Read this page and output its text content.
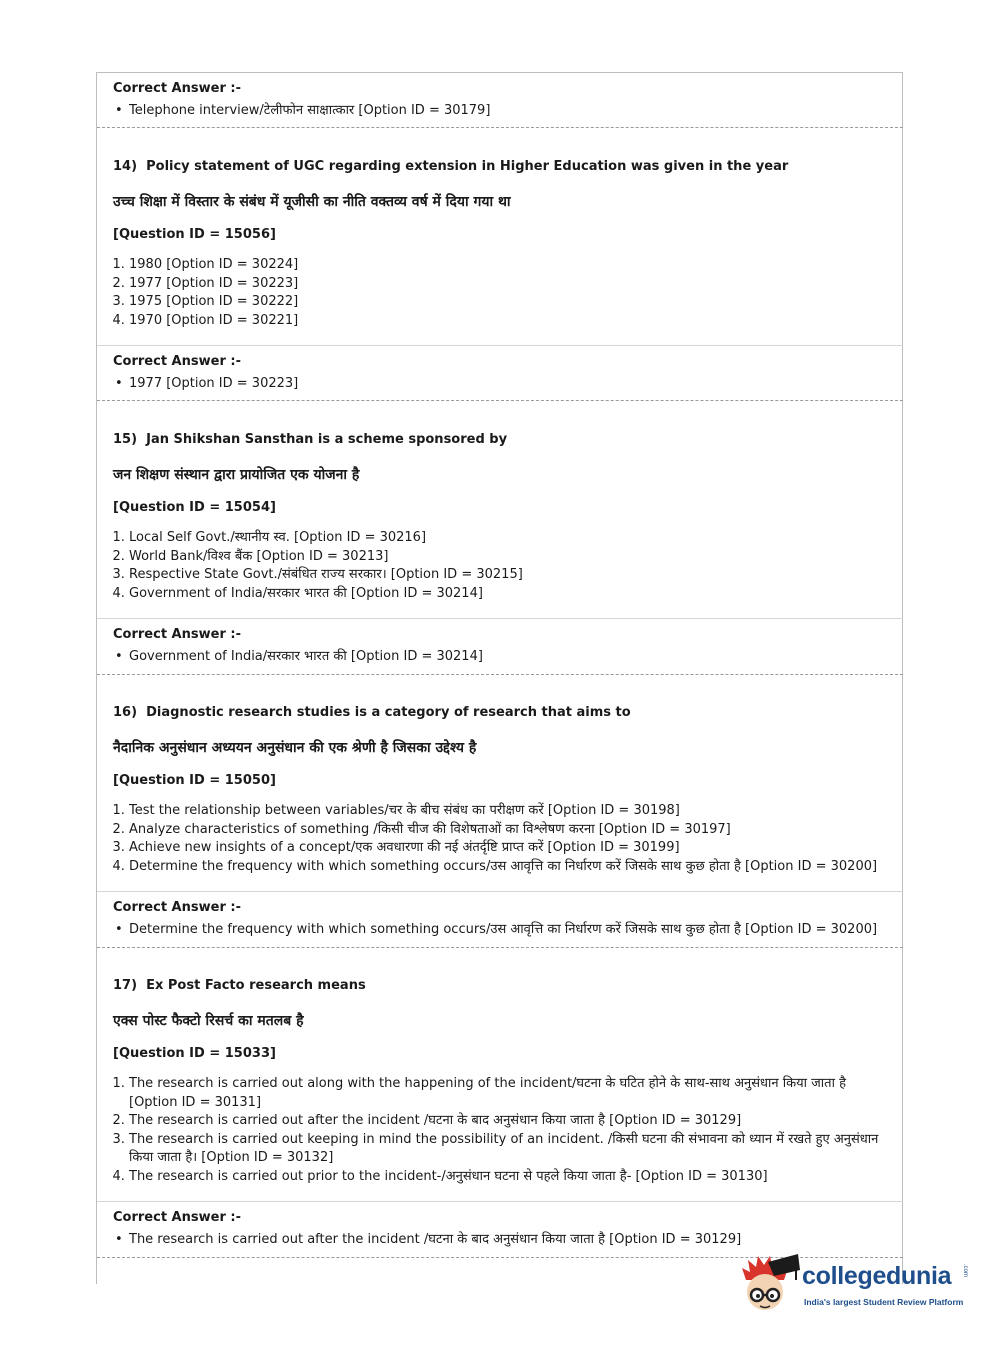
Correct Answer :-
• Telephone interview/टेलीफोन साक्षात्कार [Option ID = 30179]
14) Policy statement of UGC regarding extension in Higher Education was given in the year
उच्च शिक्षा में विस्तार के संबंध में यूजीसी का नीति वक्तव्य वर्ष में दिया गया था
[Question ID = 15056]
1. 1980 [Option ID = 30224]
2. 1977 [Option ID = 30223]
3. 1975 [Option ID = 30222]
4. 1970 [Option ID = 30221]
Correct Answer :-
• 1977 [Option ID = 30223]
15) Jan Shikshan Sansthan is a scheme sponsored by
जन शिक्षण संस्थान द्वारा प्रायोजित एक योजना है
[Question ID = 15054]
1. Local Self Govt./स्थानीय स्व. [Option ID = 30216]
2. World Bank/विश्व बैंक [Option ID = 30213]
3. Respective State Govt./संबंधित राज्य सरकार। [Option ID = 30215]
4. Government of India/सरकार भारत की [Option ID = 30214]
Correct Answer :-
• Government of India/सरकार भारत की [Option ID = 30214]
16) Diagnostic research studies is a category of research that aims to
नैदानिक अनुसंधान अध्ययन अनुसंधान की एक श्रेणी है जिसका उद्देश्य है
[Question ID = 15050]
1. Test the relationship between variables/चर के बीच संबंध का परीक्षण करें [Option ID = 30198]
2. Analyze characteristics of something /किसी चीज की विशेषताओं का विश्लेषण करना [Option ID = 30197]
3. Achieve new insights of a concept/एक अवधारणा की नई अंतर्दृष्टि प्राप्त करें [Option ID = 30199]
4. Determine the frequency with which something occurs/उस आवृत्ति का निर्धारण करें जिसके साथ कुछ होता है [Option ID = 30200]
Correct Answer :-
• Determine the frequency with which something occurs/उस आवृत्ति का निर्धारण करें जिसके साथ कुछ होता है [Option ID = 30200]
17) Ex Post Facto research means
एक्स पोस्ट फैक्टो रिसर्च का मतलब है
[Question ID = 15033]
1. The research is carried out along with the happening of the incident/घटना के घटित होने के साथ-साथ अनुसंधान किया जाता है [Option ID = 30131]
2. The research is carried out after the incident /घटना के बाद अनुसंधान किया जाता है [Option ID = 30129]
3. The research is carried out keeping in mind the possibility of an incident. /किसी घटना की संभावना को ध्यान में रखते हुए अनुसंधान किया जाता है। [Option ID = 30132]
4. The research is carried out prior to the incident-/अनुसंधान घटना से पहले किया जाता है- [Option ID = 30130]
Correct Answer :-
• The research is carried out after the incident /घटना के बाद अनुसंधान किया जाता है [Option ID = 30129]
collegedunia .com
India's largest Student Review Platform
